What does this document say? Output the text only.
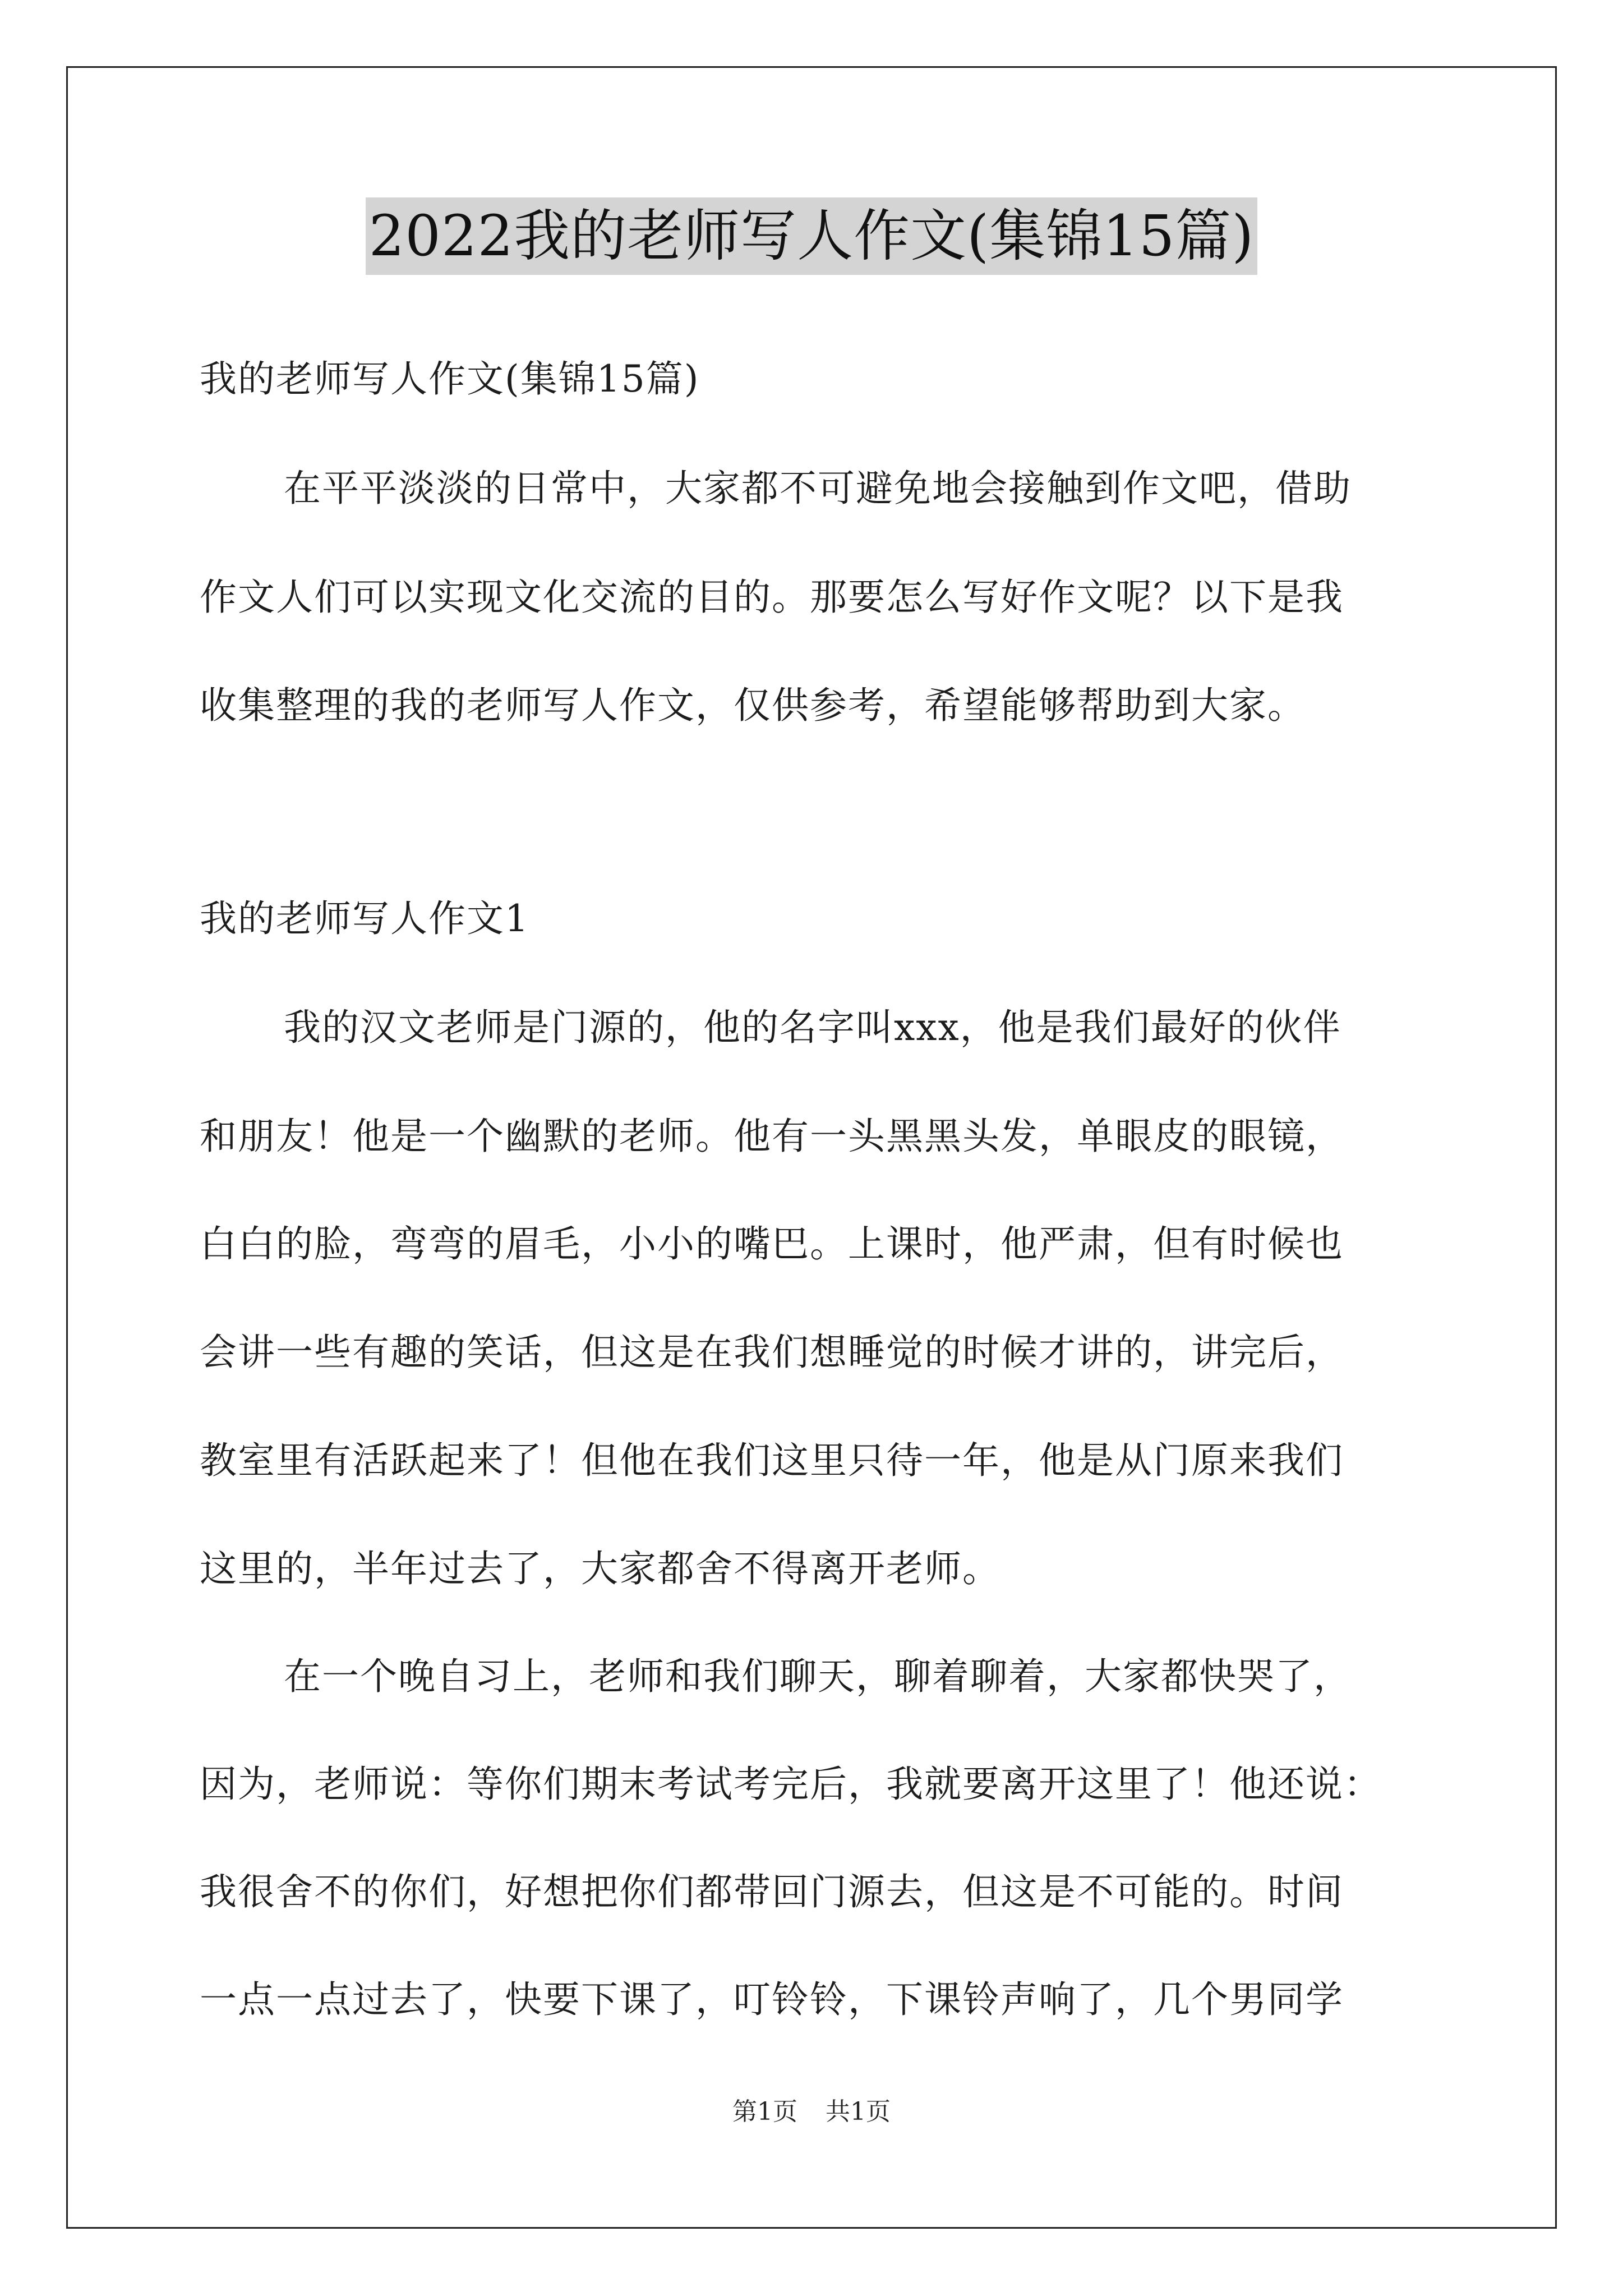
2022我的老师写人作文(集锦15篇)
我的老师写人作文(集锦15篇)
在平平淡淡的日常中，大家都不可避免地会接触到作文吧，借助
作文人们可以实现文化交流的目的。那要怎么写好作文呢？以下是我
收集整理的我的老师写人作文，仅供参考，希望能够帮助到大家。
我的老师写人作文1
我的汉文老师是门源的，他的名字叫xxx，他是我们最好的伙伴
和朋友！他是一个幽默的老师。他有一头黑黑头发，单眼皮的眼镜，
白白的脸，弯弯的眉毛，小小的嘴巴。上课时，他严肃，但有时候也
会讲一些有趣的笑话，但这是在我们想睡觉的时候才讲的，讲完后，
教室里有活跃起来了！但他在我们这里只待一年，他是从门原来我们
这里的，半年过去了，大家都舍不得离开老师。
在一个晚自习上，老师和我们聊天，聊着聊着，大家都快哭了，
因为，老师说：等你们期末考试考完后，我就要离开这里了！他还说：
我很舍不的你们，好想把你们都带回门源去，但这是不可能的。时间
一点一点过去了，快要下课了，叮铃铃，下课铃声响了，几个男同学
第1页 共1页
